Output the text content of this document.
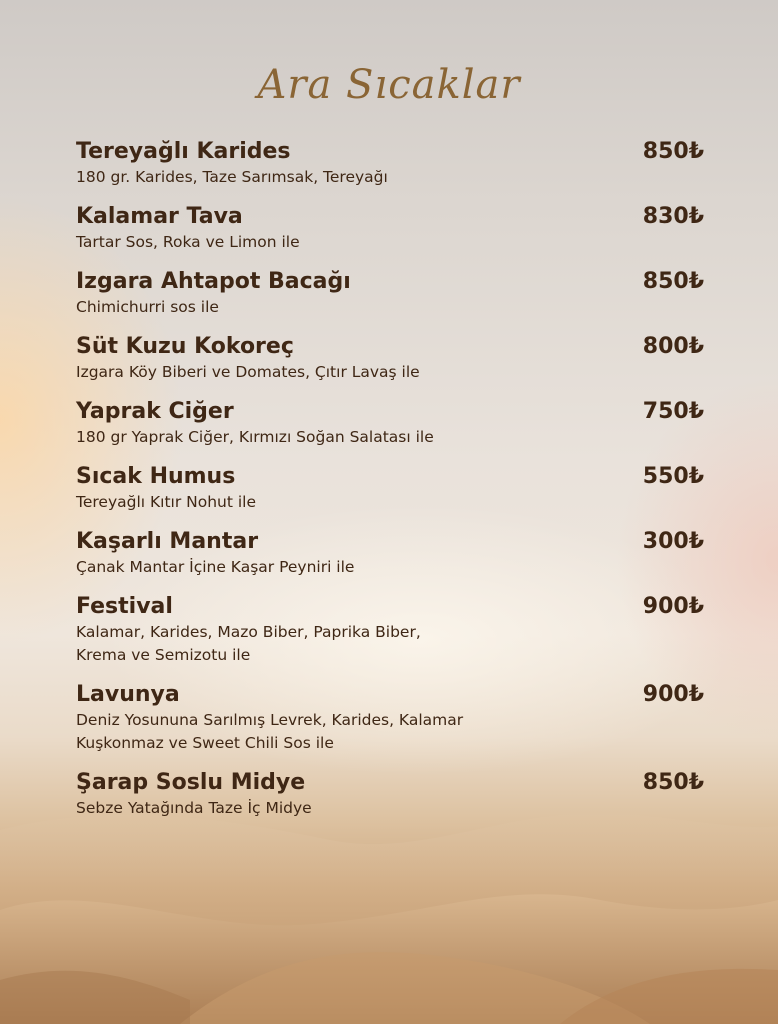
Ara Sıcaklar
Tereyağlı Karides
180 gr. Karides, Taze Sarımsak, Tereyağı
850₺
Kalamar Tava
Tartar Sos, Roka ve Limon ile
830₺
Izgara Ahtapot Bacağı
Chimichurri sos ile
850₺
Süt Kuzu Kokoreç
Izgara Köy Biberi ve Domates, Çıtır Lavaş ile
800₺
Yaprak Ciğer
180 gr Yaprak Ciğer, Kırmızı Soğan Salatası ile
750₺
Sıcak Humus
Tereyağlı Kıtır Nohut ile
550₺
Kaşarlı Mantar
Çanak Mantar İçine Kaşar Peyniri ile
300₺
Festival
Kalamar, Karides, Mazo Biber, Paprika Biber,
Krema ve Semizotu ile
900₺
Lavunya
Deniz Yosununa Sarılmış Levrek, Karides, Kalamar
Kuşkonmaz ve Sweet Chili Sos ile
900₺
Şarap Soslu Midye
Sebze Yatağında Taze İç Midye
850₺
